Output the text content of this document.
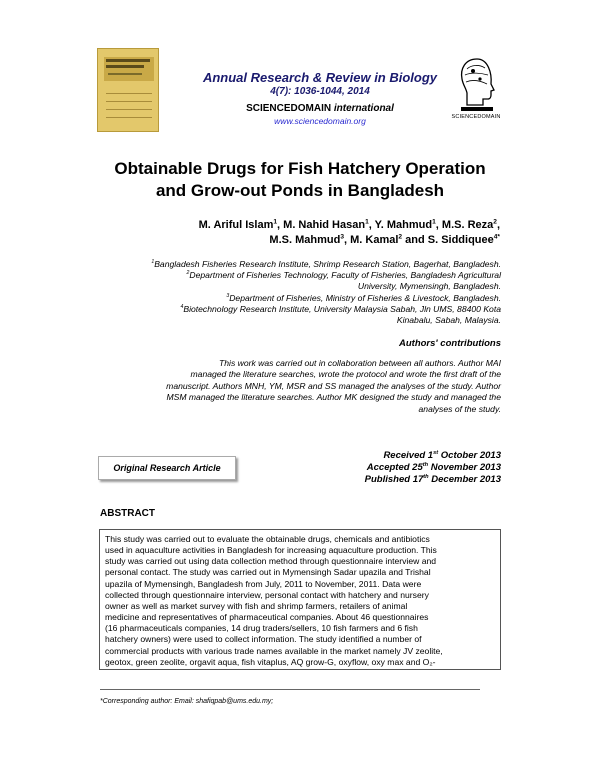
Annual Research & Review in Biology
4(7): 1036-1044, 2014
SCIENCEDOMAIN international
www.sciencedomain.org	SCIENCEDOMAIN
Obtainable Drugs for Fish Hatchery Operation
and Grow-out Ponds in Bangladesh
M. Ariful Islam$^1$, M. Nahid Hasan$^1$, Y. Mahmud$^1$, M.S. Reza$^2$,
M.S. Mahmud$^3$, M. Kamal$^2$ and S. Siddiquee$^{4*}$
$^1$Bangladesh Fisheries Research Institute, Shrimp Research Station, Bagerhat, Bangladesh.
$^2$Department of Fisheries Technology, Faculty of Fisheries, Bangladesh Agricultural
University, Mymensingh, Bangladesh.
$^3$Department of Fisheries, Ministry of Fisheries & Livestock, Bangladesh.
$^4$Biotechnology Research Institute, University Malaysia Sabah, Jln UMS, 88400 Kota
Kinabalu, Sabah, Malaysia.
Authors' contributions
This work was carried out in collaboration between all authors. Author MAI
managed the literature searches, wrote the protocol and wrote the first draft of the
manuscript. Authors MNH, YM, MSR and SS managed the analyses of the study. Author
MSM managed the literature searches. Author MK designed the study and managed the
analyses of the study.
Original Research Article
Received 1st October 2013
Accepted 25th November 2013
Published 17th December 2013
ABSTRACT
This study was carried out to evaluate the obtainable drugs, chemicals and antibiotics
used in aquaculture activities in Bangladesh for increasing aquaculture production. This
study was carried out using data collection method through questionnaire interview and
personal contact. The study was carried out in Mymensingh Sadar upazila and Trishal
upazila of Mymensingh, Bangladesh from July, 2011 to November, 2011. Data were
collected through questionnaire interview, personal contact with hatchery and nursery
owner as well as market survey with fish and shrimp farmers, retailers of animal
medicine and representatives of pharmaceutical companies. About 46 questionnaires
(16 pharmaceuticals companies, 14 drug traders/sellers, 10 fish farmers and 6 fish
hatchery owners) were used to collect information. The study identified a number of
commercial products with various trade names available in the market namely JV zeolite,
geotox, green zeolite, orgavit aqua, fish vitaplus, AQ grow-G, oxyflow, oxy max and O₂-
*Corresponding author: Email: shafiqpab@ums.edu.my;
